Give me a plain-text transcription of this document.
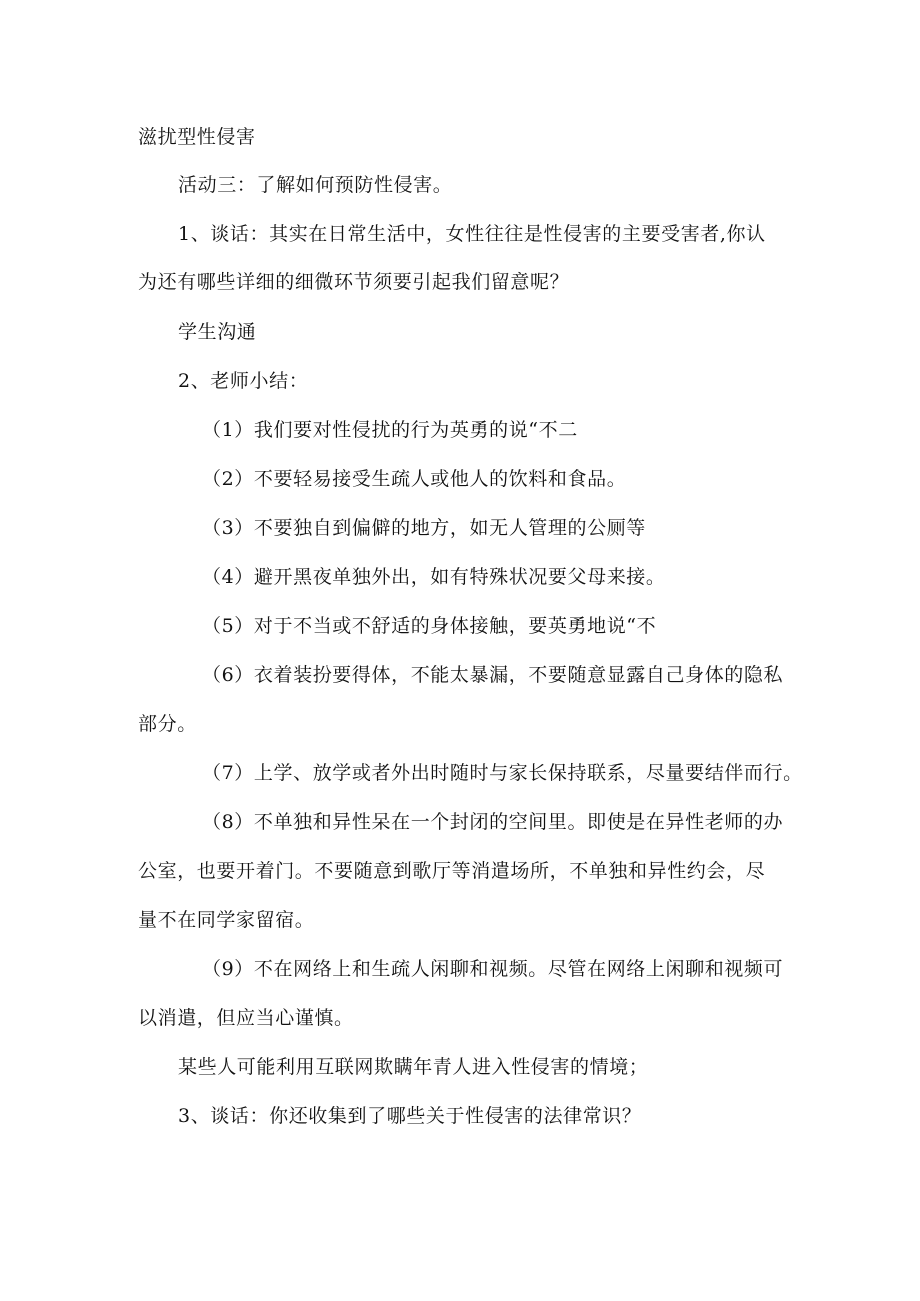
滋扰型性侵害
活动三：了解如何预防性侵害。
1、谈话：其实在日常生活中，女性往往是性侵害的主要受害者,你认
为还有哪些详细的细微环节须要引起我们留意呢？
学生沟通
2、老师小结：
（1）我们要对性侵扰的行为英勇的说“不二
（2）不要轻易接受生疏人或他人的饮料和食品。
（3）不要独自到偏僻的地方，如无人管理的公厕等
（4）避开黑夜单独外出，如有特殊状况要父母来接。
（5）对于不当或不舒适的身体接触，要英勇地说“不
（6）衣着装扮要得体，不能太暴漏，不要随意显露自己身体的隐私
部分。
（7）上学、放学或者外出时随时与家长保持联系，尽量要结伴而行。
（8）不单独和异性呆在一个封闭的空间里。即使是在异性老师的办
公室，也要开着门。不要随意到歌厅等消遣场所，不单独和异性约会，尽
量不在同学家留宿。
（9）不在网络上和生疏人闲聊和视频。尽管在网络上闲聊和视频可
以消遣，但应当心谨慎。
某些人可能利用互联网欺瞒年青人进入性侵害的情境；
3、谈话：你还收集到了哪些关于性侵害的法律常识？
